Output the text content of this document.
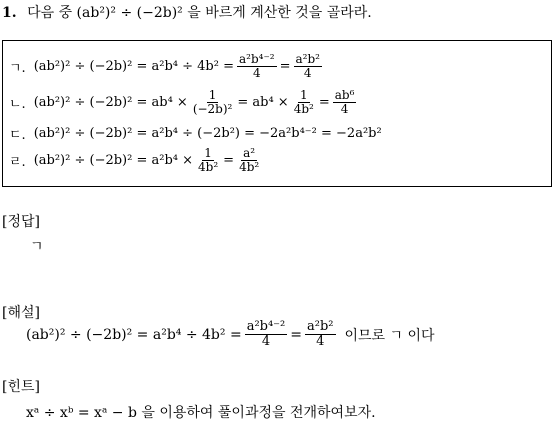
1. 다음 중 (ab²)² ÷ (−2b)² 을 바르게 계산한 것을 골라라.
ㄱ. $(ab^2)^2 \div (-2b)^2 = a^2b^4 \div 4b^2 = \frac{\text{a²b⁴⁻²}}{4} = \frac{\text{a²b²}}{4}$
ㄴ. $(ab^2)^2 \div (-2b)^2 = ab^4 \times \frac{1}{\text{(−2b)²}} = ab^4 \times \frac{1}{\text{4b²}} = \frac{\text{ab⁶}}{4}$
ㄷ. (ab²)² ÷ (−2b)² = a²b⁴ ÷ (−2b²) = −2a²b⁴⁻² = −2a²b²
ㄹ. $(ab^2)^2 \div (-2b)^2 = a^2b^4 \times \frac{1}{\text{4b²}} = \frac{\text{a²}}{\text{4b²}}$
[정답]
ㄱ
[해설]
$(ab^2)^2 \div (-2b)^2 = a^2b^4 \div 4b^2 = \frac{\text{a²b⁴⁻²}}{4} = \frac{\text{a²b²}}{4}$ 이므로 ㄱ 이다
[힌트]
xᵃ ÷ xᵇ = xᵃ − b 을 이용하여 풀이과정을 전개하여보자.
